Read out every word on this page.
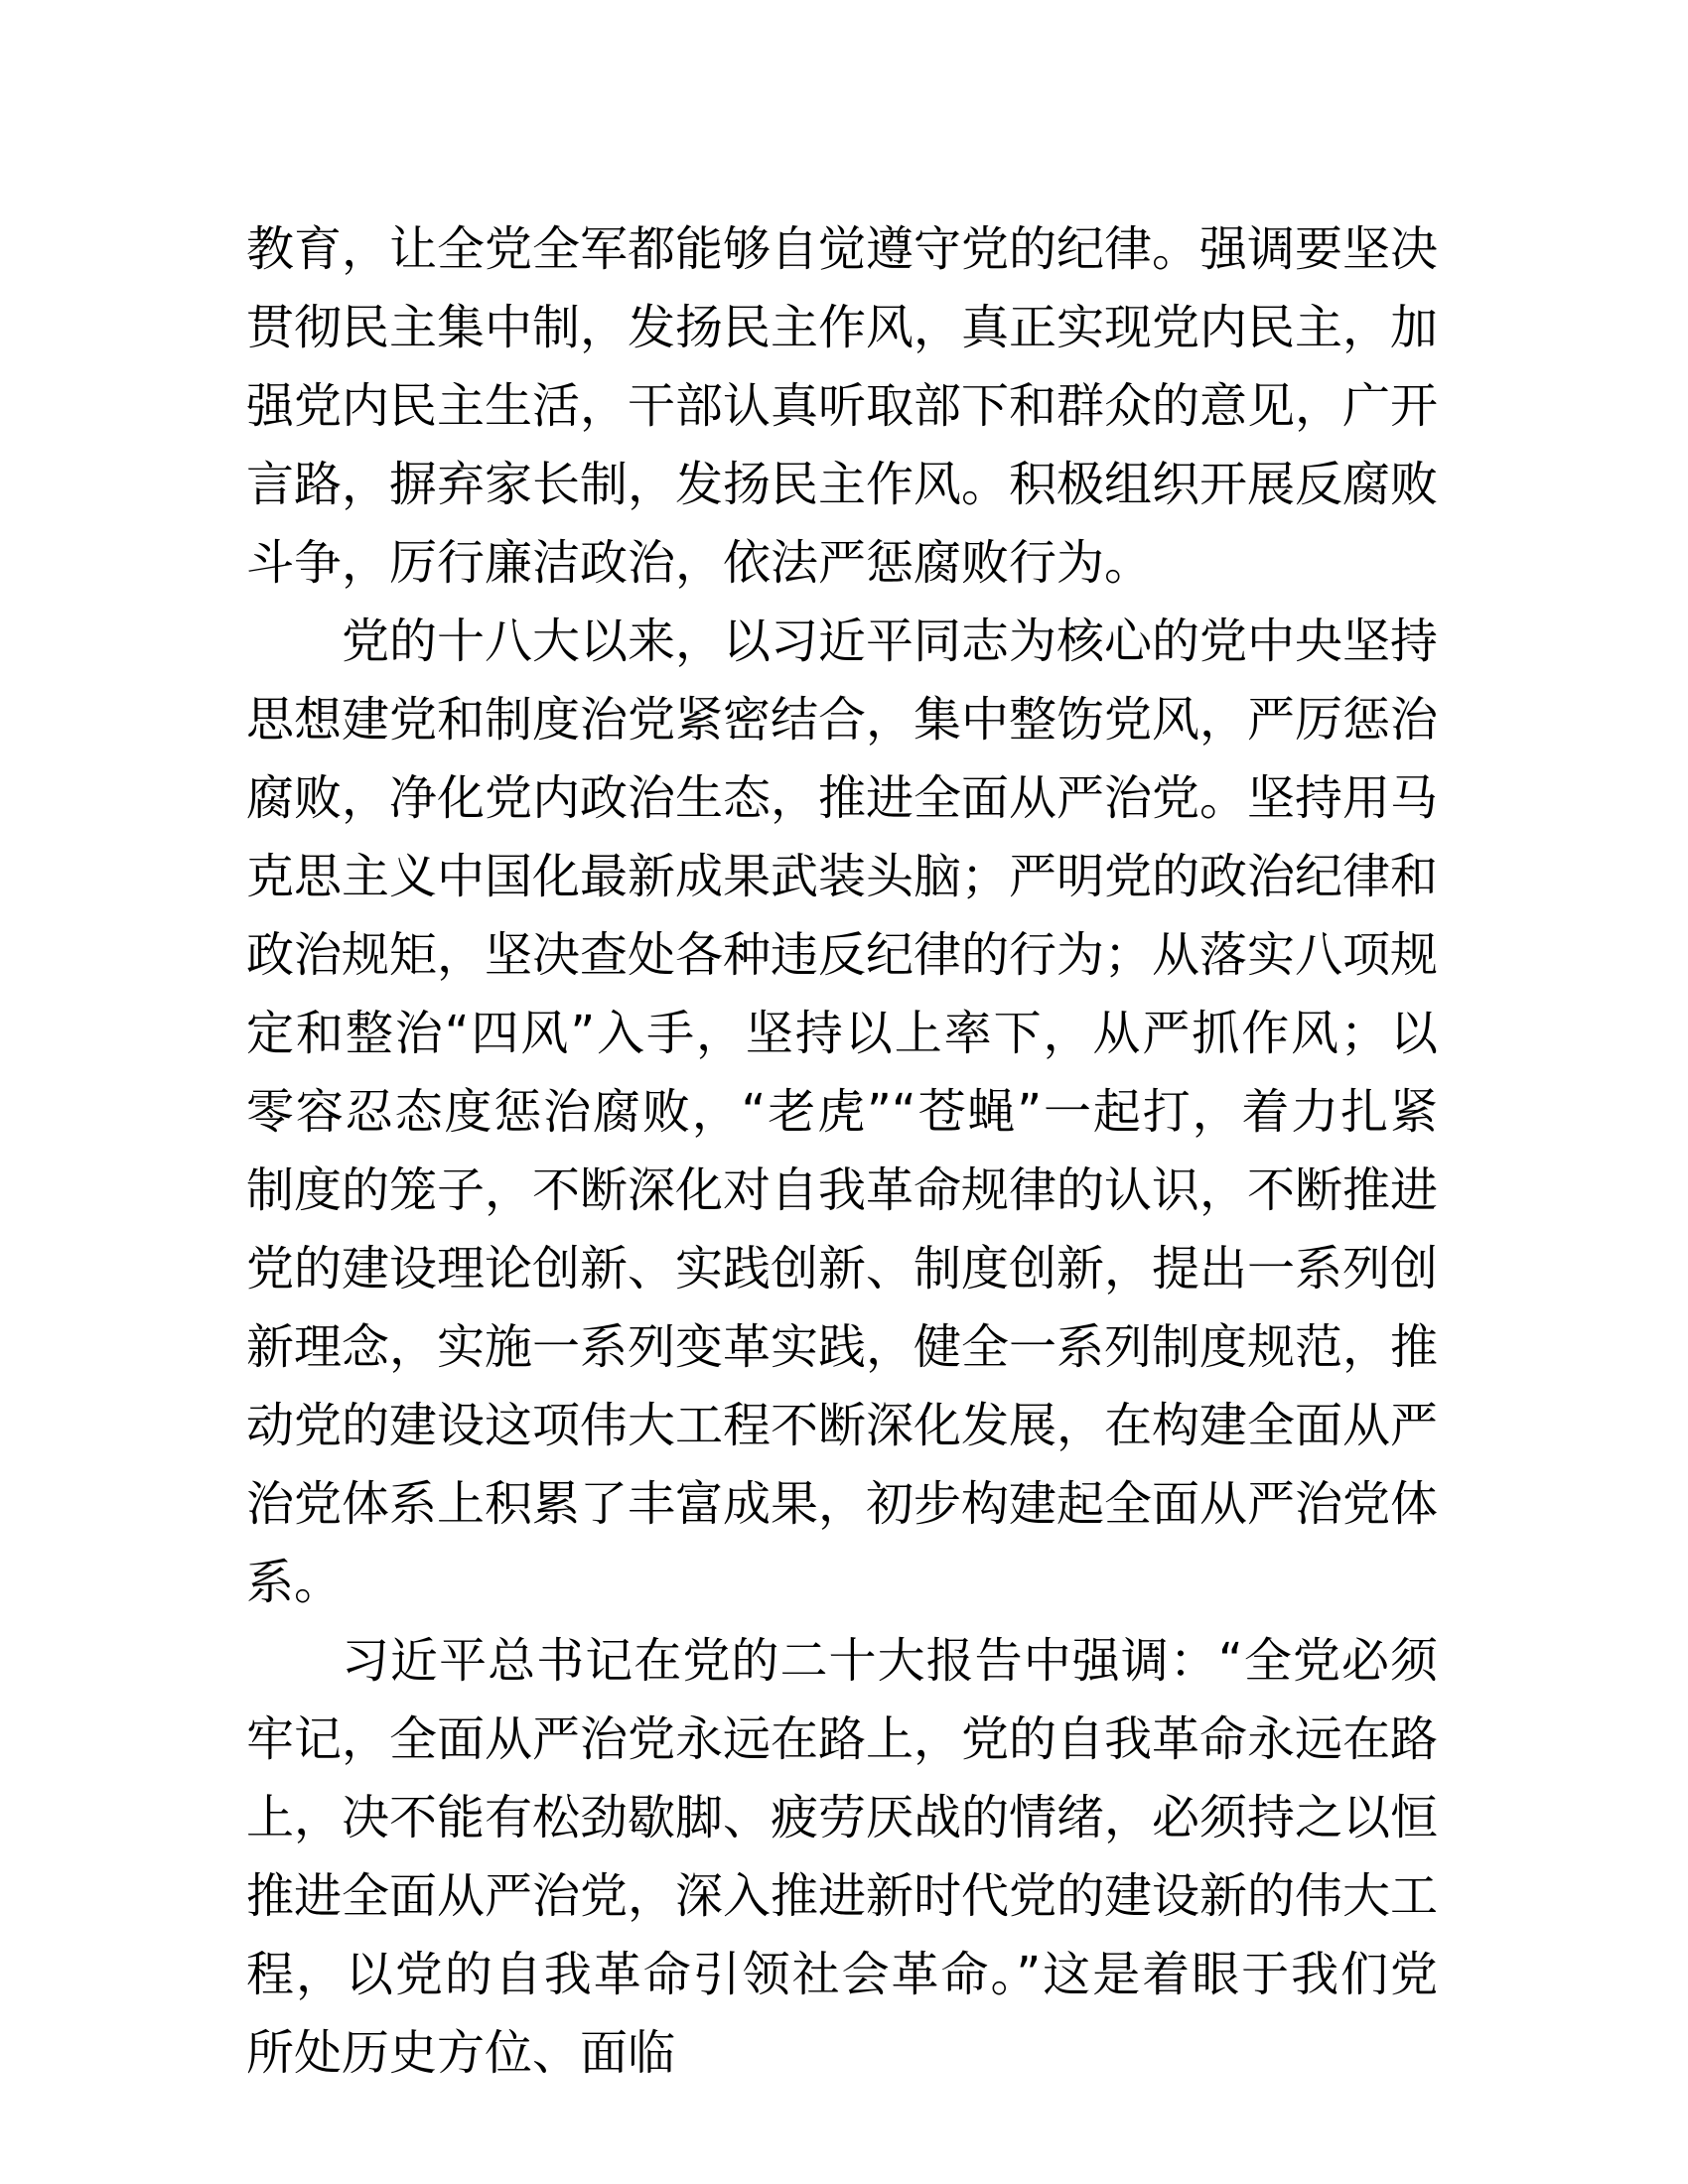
教育，让全党全军都能够自觉遵守党的纪律。强调要坚决贯彻民主集中制，发扬民主作风，真正实现党内民主，加强党内民主生活，干部认真听取部下和群众的意见，广开言路，摒弃家长制，发扬民主作风。积极组织开展反腐败斗争，厉行廉洁政治，依法严惩腐败行为。

党的十八大以来，以习近平同志为核心的党中央坚持思想建党和制度治党紧密结合，集中整饬党风，严厉惩治腐败，净化党内政治生态，推进全面从严治党。坚持用马克思主义中国化最新成果武装头脑；严明党的政治纪律和政治规矩，坚决查处各种违反纪律的行为；从落实八项规定和整治“四风”入手，坚持以上率下，从严抓作风；以零容忍态度惩治腐败，“老虎”“苍蝇”一起打，着力扎紧制度的笼子，不断深化对自我革命规律的认识，不断推进党的建设理论创新、实践创新、制度创新，提出一系列创新理念，实施一系列变革实践，健全一系列制度规范，推动党的建设这项伟大工程不断深化发展，在构建全面从严治党体系上积累了丰富成果，初步构建起全面从严治党体系。

习近平总书记在党的二十大报告中强调：“全党必须牢记，全面从严治党永远在路上，党的自我革命永远在路上，决不能有松劲歇脚、疲劳厌战的情绪，必须持之以恒推进全面从严治党，深入推进新时代党的建设新的伟大工程，以党的自我革命引领社会革命。”这是着眼于我们党所处历史方位、面临
